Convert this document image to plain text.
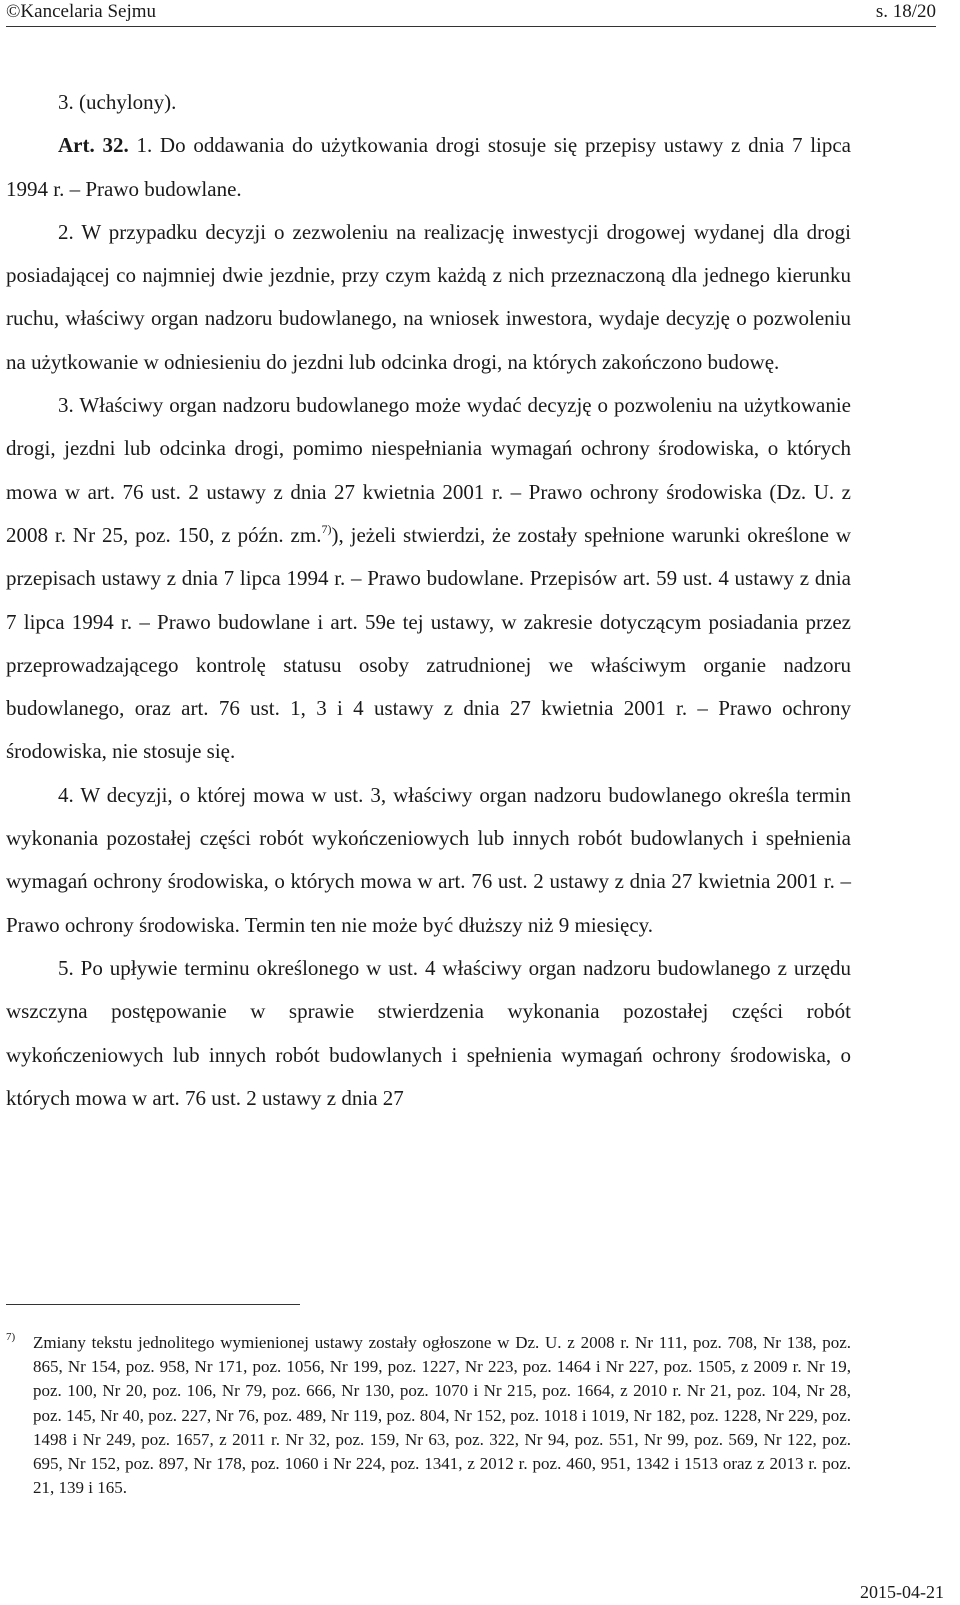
©Kancelaria Sejmu	s. 18/20

3. (uchylony).

Art. 32. 1. Do oddawania do użytkowania drogi stosuje się przepisy ustawy z dnia 7 lipca 1994 r. – Prawo budowlane.

2. W przypadku decyzji o zezwoleniu na realizację inwestycji drogowej wydanej dla drogi posiadającej co najmniej dwie jezdnie, przy czym każdą z nich przeznaczoną dla jednego kierunku ruchu, właściwy organ nadzoru budowlanego, na wniosek inwestora, wydaje decyzję o pozwoleniu na użytkowanie w odniesieniu do jezdni lub odcinka drogi, na których zakończono budowę.

3. Właściwy organ nadzoru budowlanego może wydać decyzję o pozwoleniu na użytkowanie drogi, jezdni lub odcinka drogi, pomimo niespełniania wymagań ochrony środowiska, o których mowa w art. 76 ust. 2 ustawy z dnia 27 kwietnia 2001 r. – Prawo ochrony środowiska (Dz. U. z 2008 r. Nr 25, poz. 150, z późn. zm.$^{7)}$), jeżeli stwierdzi, że zostały spełnione warunki określone w przepisach ustawy z dnia 7 lipca 1994 r. – Prawo budowlane. Przepisów art. 59 ust. 4 ustawy z dnia 7 lipca 1994 r. – Prawo budowlane i art. 59e tej ustawy, w zakresie dotyczącym posiadania przez przeprowadzającego kontrolę statusu osoby zatrudnionej we właściwym organie nadzoru budowlanego, oraz art. 76 ust. 1, 3 i 4 ustawy z dnia 27 kwietnia 2001 r. – Prawo ochrony środowiska, nie stosuje się.

4. W decyzji, o której mowa w ust. 3, właściwy organ nadzoru budowlanego określa termin wykonania pozostałej części robót wykończeniowych lub innych robót budowlanych i spełnienia wymagań ochrony środowiska, o których mowa w art. 76 ust. 2 ustawy z dnia 27 kwietnia 2001 r. – Prawo ochrony środowiska. Termin ten nie może być dłuższy niż 9 miesięcy.

5. Po upływie terminu określonego w ust. 4 właściwy organ nadzoru budowlanego z urzędu wszczyna postępowanie w sprawie stwierdzenia wykonania pozostałej części robót wykończeniowych lub innych robót budowlanych i spełnienia wymagań ochrony środowiska, o których mowa w art. 76 ust. 2 ustawy z dnia 27

7) Zmiany tekstu jednolitego wymienionej ustawy zostały ogłoszone w Dz. U. z 2008 r. Nr 111, poz. 708, Nr 138, poz. 865, Nr 154, poz. 958, Nr 171, poz. 1056, Nr 199, poz. 1227, Nr 223, poz. 1464 i Nr 227, poz. 1505, z 2009 r. Nr 19, poz. 100, Nr 20, poz. 106, Nr 79, poz. 666, Nr 130, poz. 1070 i Nr 215, poz. 1664, z 2010 r. Nr 21, poz. 104, Nr 28, poz. 145, Nr 40, poz. 227, Nr 76, poz. 489, Nr 119, poz. 804, Nr 152, poz. 1018 i 1019, Nr 182, poz. 1228, Nr 229, poz. 1498 i Nr 249, poz. 1657, z 2011 r. Nr 32, poz. 159, Nr 63, poz. 322, Nr 94, poz. 551, Nr 99, poz. 569, Nr 122, poz. 695, Nr 152, poz. 897, Nr 178, poz. 1060 i Nr 224, poz. 1341, z 2012 r. poz. 460, 951, 1342 i 1513 oraz z 2013 r. poz. 21, 139 i 165.

2015-04-21
